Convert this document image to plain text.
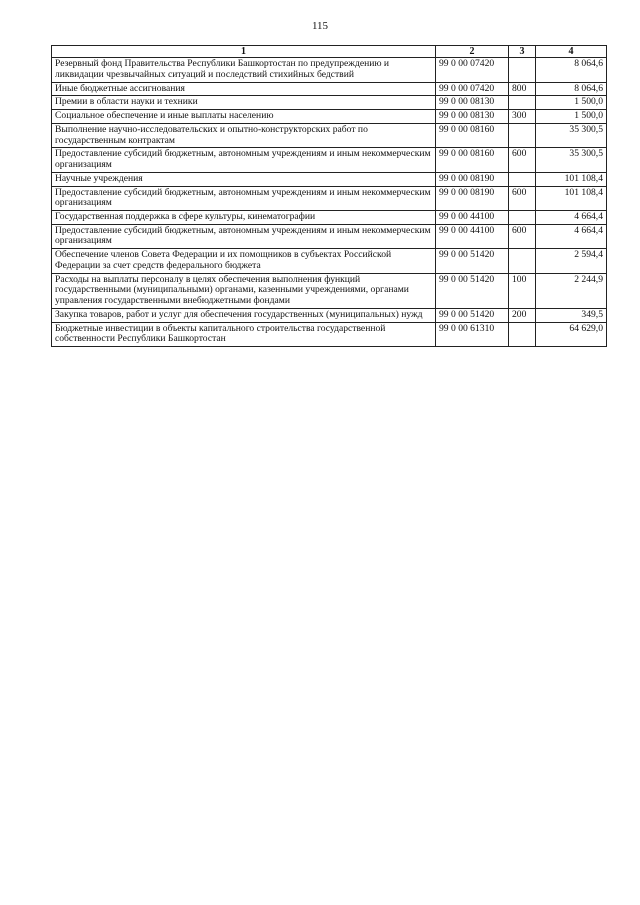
115
1	2	3	4
Резервный фонд Правительства Республики Башкортостан по предупреждению и ликвидации чрезвычайных ситуаций и последствий стихийных бедствий	99 0 00 07420		8 064,6
Иные бюджетные ассигнования	99 0 00 07420	800	8 064,6
Премии в области науки и техники	99 0 00 08130		1 500,0
Социальное обеспечение и иные выплаты населению	99 0 00 08130	300	1 500,0
Выполнение научно-исследовательских и опытно-конструкторских работ по государственным контрактам	99 0 00 08160		35 300,5
Предоставление субсидий бюджетным, автономным учреждениям и иным некоммерческим организациям	99 0 00 08160	600	35 300,5
Научные учреждения	99 0 00 08190		101 108,4
Предоставление субсидий бюджетным, автономным учреждениям и иным некоммерческим организациям	99 0 00 08190	600	101 108,4
Государственная поддержка в сфере культуры, кинематографии	99 0 00 44100		4 664,4
Предоставление субсидий бюджетным, автономным учреждениям и иным некоммерческим организациям	99 0 00 44100	600	4 664,4
Обеспечение членов Совета Федерации и их помощников в субъектах Российской Федерации за счет средств федерального бюджета	99 0 00 51420		2 594,4
Расходы на выплаты персоналу в целях обеспечения выполнения функций государственными (муниципальными) органами, казенными учреждениями, органами управления государственными внебюджетными фондами	99 0 00 51420	100	2 244,9
Закупка товаров, работ и услуг для обеспечения государственных (муниципальных) нужд	99 0 00 51420	200	349,5
Бюджетные инвестиции в объекты капитального строительства государственной собственности Республики Башкортостан	99 0 00 61310		64 629,0
